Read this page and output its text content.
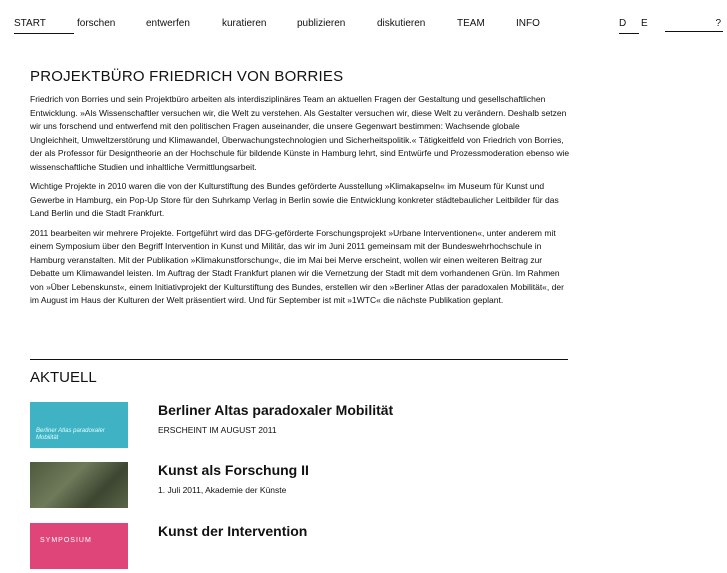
START	forschen	entwerfen	kuratieren	publizieren	diskutieren	TEAM	INFO	D	E	?
PROJEKTBÜRO FRIEDRICH VON BORRIES

Friedrich von Borries und sein Projektbüro arbeiten als interdisziplinäres Team an aktuellen Fragen der Gestaltung und gesellschaftlichen Entwicklung. »Als Wissenschaftler versuchen wir, die Welt zu verstehen. Als Gestalter versuchen wir, diese Welt zu verändern. Deshalb setzen wir uns forschend und entwerfend mit den politischen Fragen auseinander, die unsere Gegenwart bestimmen: Wachsende globale Ungleichheit, Umweltzerstörung und Klimawandel, Überwachungstechnologien und Sicherheitspolitik.« Tätigkeitfeld von Friedrich von Borries, der als Professor für Designtheorie an der Hochschule für bildende Künste in Hamburg lehrt, sind Entwürfe und Prozessmoderation ebenso wie wissenschaftliche Studien und inhaltliche Vermittlungsarbeit.

Wichtige Projekte in 2010 waren die von der Kulturstiftung des Bundes geförderte Ausstellung »Klimakapseln« im Museum für Kunst und Gewerbe in Hamburg, ein Pop-Up Store für den Suhrkamp Verlag in Berlin sowie die Entwicklung konkreter städtebaulicher Leitbilder für das Land Berlin und die Stadt Frankfurt.

2011 bearbeiten wir mehrere Projekte. Fortgeführt wird das DFG-geförderte Forschungsprojekt »Urbane Interventionen«, unter anderem mit einem Symposium über den Begriff Intervention in Kunst und Militär, das wir im Juni 2011 gemeinsam mit der Bundeswehrhochschule in Hamburg veranstalten. Mit der Publikation »Klimakunstforschung«, die im Mai bei Merve erscheint, wollen wir einen weiteren Beitrag zur Debatte um Klimawandel leisten. Im Auftrag der Stadt Frankfurt planen wir die Vernetzung der Stadt mit dem vorhandenen Grün. Im Rahmen von »Über Lebenskunst«, einem Initiativprojekt der Kulturstiftung des Bundes, erstellen wir den »Berliner Atlas der paradoxalen Mobilität«, der im August im Haus der Kulturen der Welt präsentiert wird. Und für September ist mit »1WTC« die nächste Publikation geplant.

AKTUELL
Berliner Atlas paradoxaler Mobilität
Berliner Altas paradoxaler Mobilität
ERSCHEINT IM AUGUST 2011
Kunst als Forschung II
1. Juli 2011, Akademie der Künste
SYMPOSIUM
Kunst der Intervention
